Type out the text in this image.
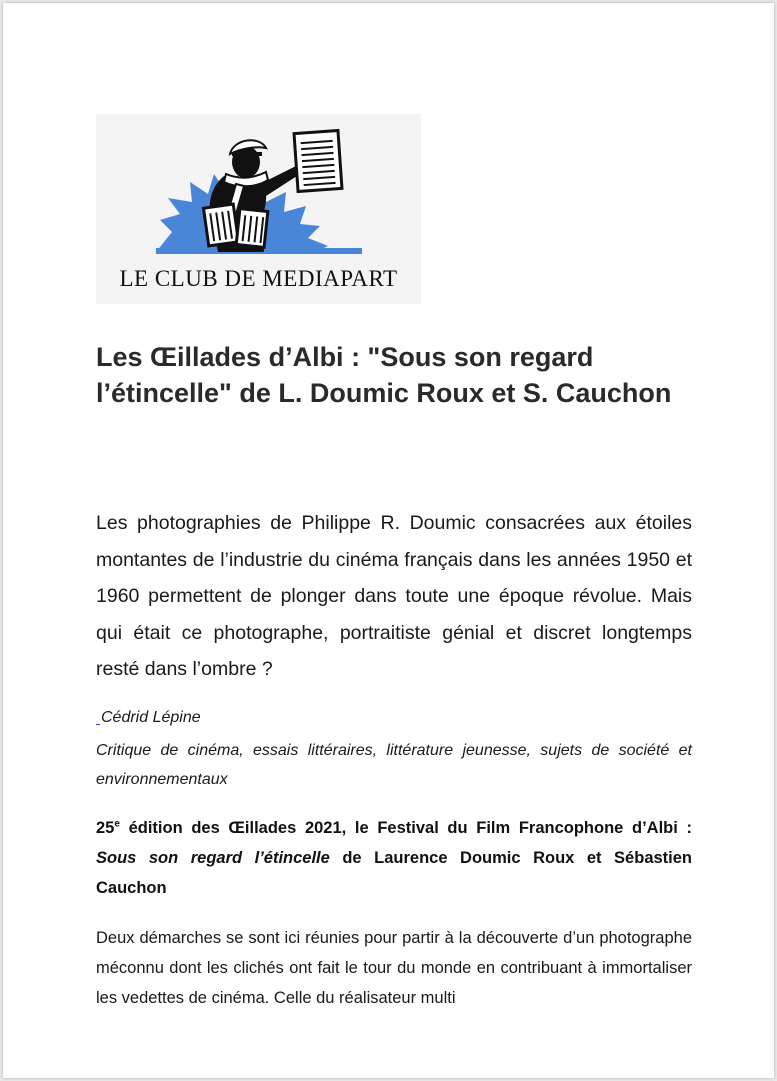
LE CLUB DE MEDIAPART
Les Œillades d’Albi : "Sous son regard l’étincelle" de L. Doumic Roux et S. Cauchon

Les photographies de Philippe R. Doumic consacrées aux étoiles montantes de l’industrie du cinéma français dans les années 1950 et 1960 permettent de plonger dans toute une époque révolue. Mais qui était ce photographe, portraitiste génial et discret longtemps resté dans l’ombre ?

Cédrid Lépine

Critique de cinéma, essais littéraires, littérature jeunesse, sujets de société et environnementaux

25e édition des Œillades 2021, le Festival du Film Francophone d’Albi : Sous son regard l’étincelle de Laurence Doumic Roux et Sébastien Cauchon

Deux démarches se sont ici réunies pour partir à la découverte d’un photographe méconnu dont les clichés ont fait le tour du monde en contribuant à immortaliser les vedettes de cinéma. Celle du réalisateur multi
